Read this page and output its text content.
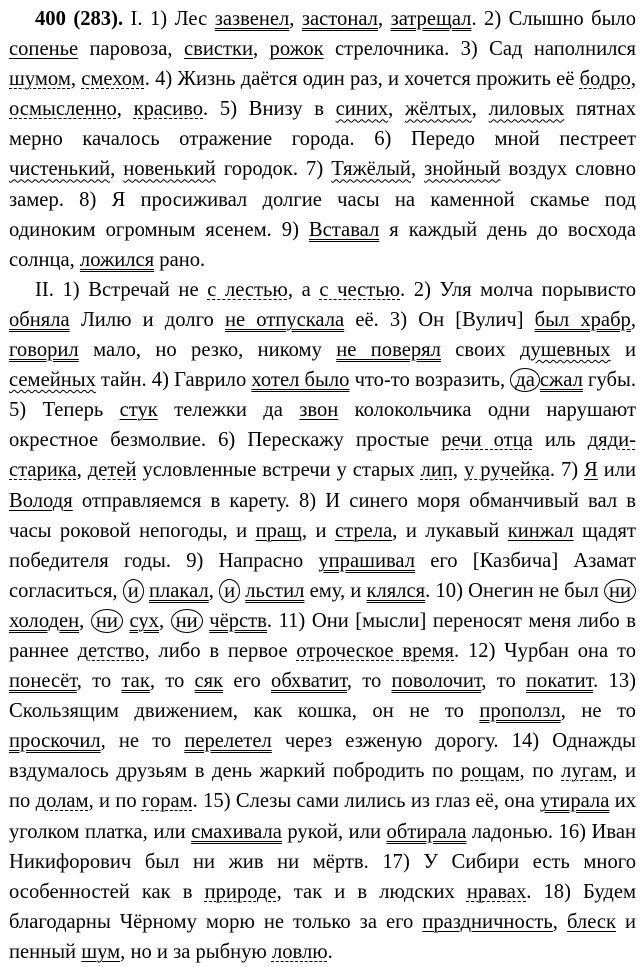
400 (283). I. 1) Лес зазвенел, застонал, затрещал. 2) Слышно было сопенье паровоза, свистки, рожок стрелочника. 3) Сад наполнился шумом, смехом. 4) Жизнь даётся один раз, и хочется прожить её бодро, осмысленно, красиво. 5) Внизу в синих, жёлтых, лиловых пятнах мерно качалось отражение города. 6) Передо мной пестреет чистенький, новенький городок. 7) Тяжёлый, знойный воздух словно замер. 8) Я просиживал долгие часы на каменной скамье под одиноким огромным ясенем. 9) Вставал я каждый день до восхода солнца, ложился рано.

II. 1) Встречай не с лестью, а с честью. 2) Уля молча порывисто обняла Лилю и долго не отпускала её. 3) Он [Вулич] был храбр, говорил мало, но резко, никому не поверял своих душевных и семейных тайн. 4) Гаврило хотел было что-то возразить, да сжал губы. 5) Теперь стук тележки да звон колокольчика одни нарушают окрестное безмолвие. 6) Перескажу простые речи отца иль дяди-старика, детей условленные встречи у старых лип, у ручейка. 7) Я или Володя отправляемся в карету. 8) И синего моря обманчивый вал в часы роковой непогоды, и пращ, и стрела, и лукавый кинжал щадят победителя годы. 9) Напрасно упрашивал его [Казбича] Азамат согласиться, и плакал, и льстил ему, и клялся. 10) Онегин не был ни холоден, ни сух, ни чёрств. 11) Они [мысли] переносят меня либо в раннее детство, либо в первое отроческое время. 12) Чурбан она то понесёт, то так, то сяк его обхватит, то поволочит, то покатит. 13) Скользящим движением, как кошка, он не то проползл, не то проскочил, не то перелетел через езженую дорогу. 14) Однажды вздумалось друзьям в день жаркий побродить по рощам, по лугам, и по долам, и по горам. 15) Слезы сами лились из глаз её, она утирала их уголком платка, или смахивала рукой, или обтирала ладонью. 16) Иван Никифорович был ни жив ни мёртв. 17) У Сибири есть много особенностей как в природе, так и в людских нравах. 18) Будем благодарны Чёрному морю не только за его праздничность, блеск и пенный шум, но и за рыбную ловлю.
